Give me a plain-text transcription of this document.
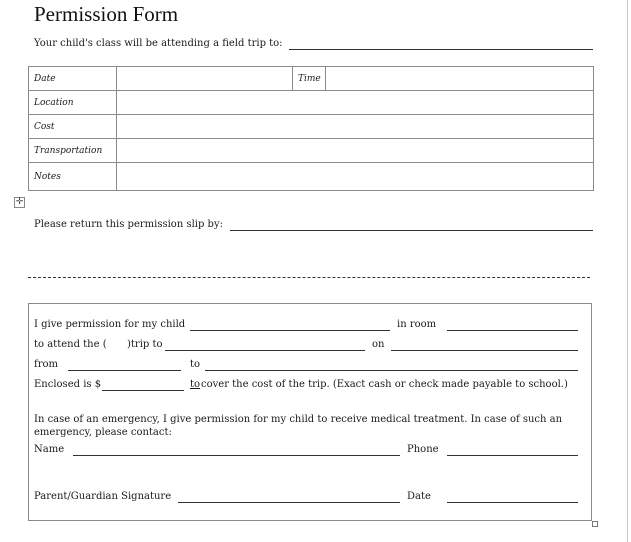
Permission Form
Your child's class will be attending a field trip to:
Date		Time	
Location			
Cost			
Transportation			
Notes			
✛
Please return this permission slip by:
I give permission for my child	in room
to attend the ( )trip to	on
from	to
Enclosed is $	to cover the cost of the trip. (Exact cash or check made payable to school.)
In case of an emergency, I give permission for my child to receive medical treatment. In case of such an
emergency, please contact:
Name	Phone
Parent/Guardian Signature	Date
